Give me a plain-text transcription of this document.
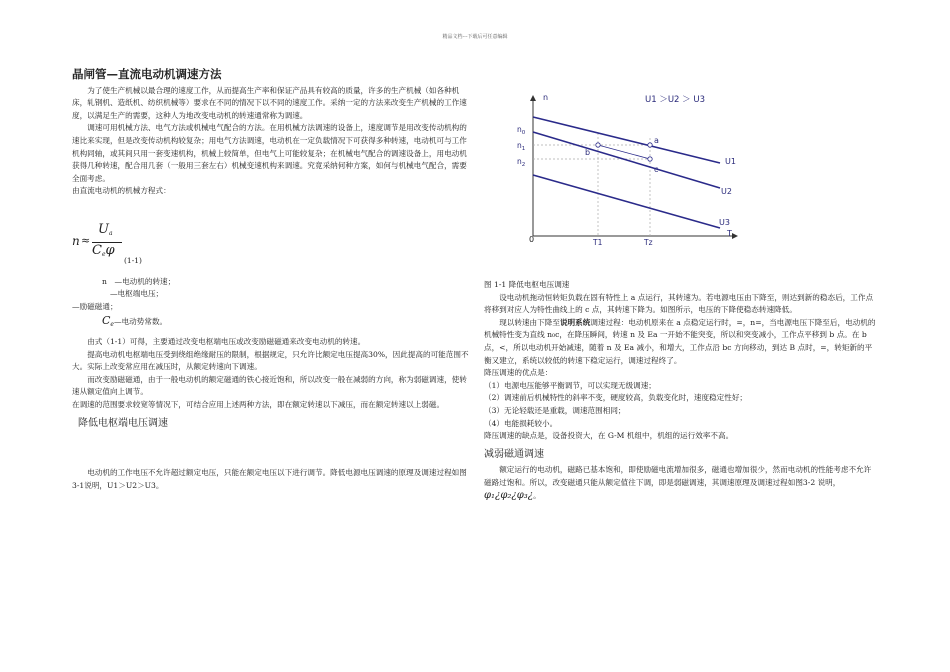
精品文档---下载后可任意编辑

晶闸管—直流电动机调速方法

为了使生产机械以最合理的速度工作，从而提高生产率和保证产品具有较高的质量，许多的生产机械（如各种机床，轧钢机、造纸机、纺织机械等）要求在不同的情况下以不同的速度工作。采纳一定的方法来改变生产机械的工作速度，以满足生产的需要，这种人为地改变电动机的转速通常称为调速。

调速可用机械方法、电气方法或机械电气配合的方法。在用机械方法调速的设备上，速度调节是用改变传动机构的速比来实现，但是改变传动机构较复杂；用电气方法调速，电动机在一定负载情况下可获得多种转速，电动机可与工作机构同轴，或其间只用一套变速机构，机械上较简单，但电气上可能较复杂；在机械电气配合的调速设备上，用电动机获得几种转速，配合用几套（一般用三套左右）机械变速机构来调速。究竟采纳何种方案，如何与机械电气配合，需要全面考虑。

由直流电动机的机械方程式：

n ≈
$U_a$
$C_e\varphi$
(1-1)

n　—电动机的转速；

—电枢端电压；

—励磁磁通；

$C_e—$电动势常数。

由式（1-1）可得，主要通过改变电枢端电压或改变励磁磁通来改变电动机的转速。

提高电动机电枢端电压受到绕组绝缘耐压的限制，根据规定，只允许比额定电压提高30%，因此提高的可能范围不大。实际上改变常应用在减压时，从额定转速向下调速。

而改变励磁磁通，由于一般电动机的额定磁通的铁心接近饱和，所以改变一般在减弱的方向，称为弱磁调速，使转速从额定值向上调节。

在调速的范围要求较宽等情况下，可结合应用上述两种方法，即在额定转速以下减压，而在额定转速以上弱磁。

降低电枢端电压调速

电动机的工作电压不允许超过额定电压，只能在额定电压以下进行调节。降低电源电压调速的原理及调速过程如图3-1说明，U1＞U2＞U3。

n
T
0
U1 ＞U2 ＞ U3
$n_0$
$n_1$
$n_2$
a
b
c
U1
U2
U3
T1	Tz

图 1-1 降低电枢电压调速

设电动机拖动恒转矩负载在固有特性上 a 点运行，其转速为。若电源电压由下降至，则达到新的稳态后，工作点将移到对应人为特性曲线上的 c 点，其转速下降为。如图所示，电压的下降使稳态转速降低。

现以转速由下降至说明系统调速过程：电动机原来在 a 点稳定运行时，=，n=，当电源电压下降至后，电动机的机械特性变为直线 n₀c，在降压瞬间，转速 n 及 Ea 一开始不能突变，所以和突变减小，工作点平移到 b 点。在 b 点，<，所以电动机开始减速，随着 n 及 Ea 减小，和增大，工作点沿 bc 方向移动，到达 B 点时，=，转矩新的平衡又建立，系统以较低的转速下稳定运行，调速过程终了。

降压调速的优点是：

（1）电源电压能够平衡调节，可以实现无级调速；

（2）调速前后机械特性的斜率不变，硬度较高，负载变化时，速度稳定性好；

（3）无论轻载还是重载，调速范围相同；

（4）电能损耗较小。

降压调速的缺点是，设备投资大，在 G-M 机组中，机组的运行效率不高。

减弱磁通调速

额定运行的电动机，磁路已基本饱和，即使励磁电流增加很多，磁通也增加很少，然而电动机的性能考虑不允许磁路过饱和。所以，改变磁通只能从额定值往下调，即是弱磁调速，其调速原理及调速过程如图3-2 说明，φ₁¿φ₂¿φ₃¿。
